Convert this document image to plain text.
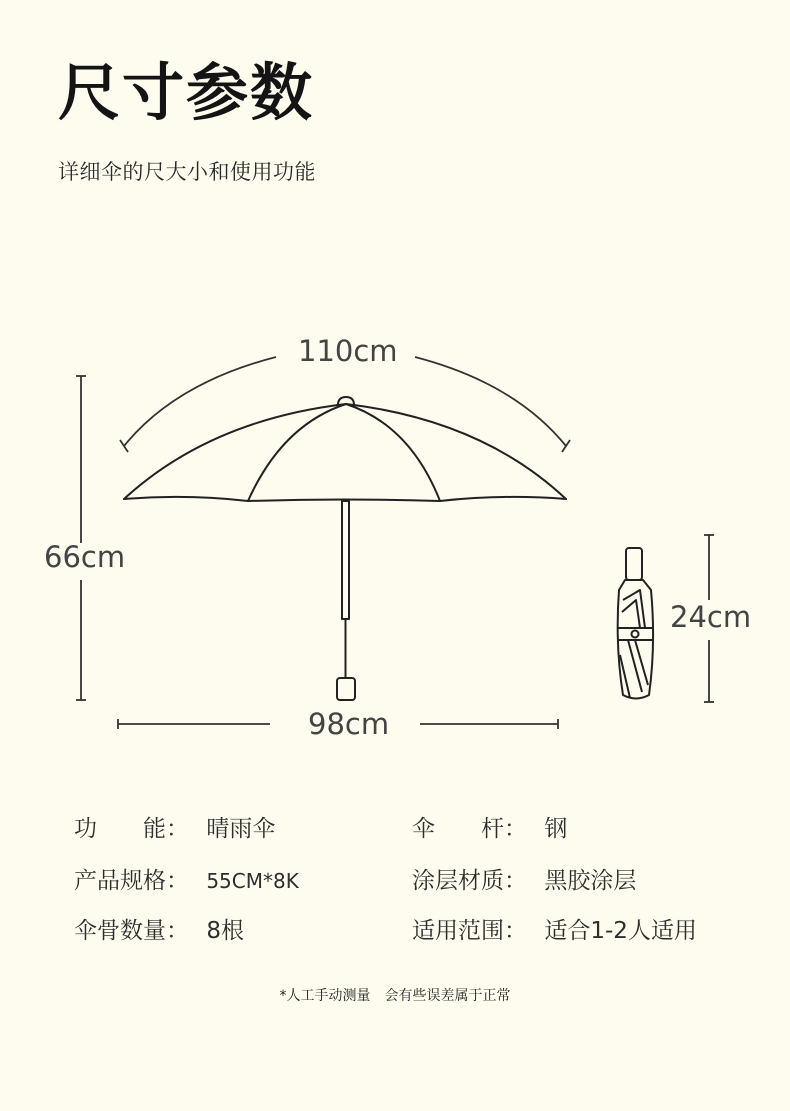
尺寸参数
详细伞的尺大小和使用功能
110cm
66cm
98cm
24cm
功　　能： 晴雨伞	伞　　杆： 钢
产品规格： 55CM*8K	涂层材质： 黑胶涂层
伞骨数量： 8根	适用范围： 适合1-2人适用
*人工手动测量　会有些误差属于正常
